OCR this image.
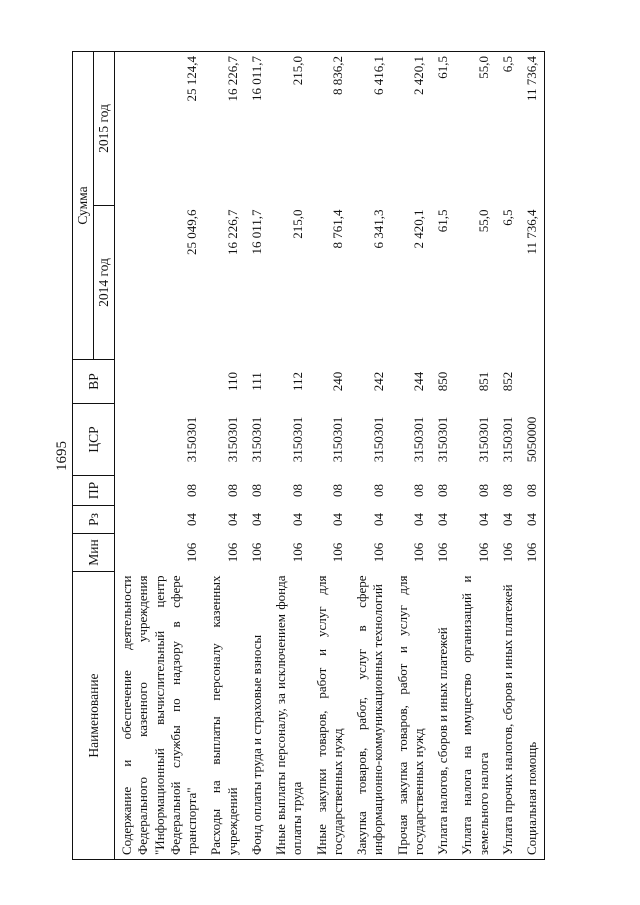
1695
Наименование	Мин	Рз	ПР	ЦСР	ВР	Сумма	
						2014 год	2015 год
Содержание и обеспечение деятельности Федерального казенного учреждения "Информационный вычислительный центр Федеральной службы по надзору в сфере транспорта"	106	04	08	3150301		25 049,6	25 124,4
Расходы на выплаты персоналу казенных учреждений	106	04	08	3150301	110	16 226,7	16 226,7
Фонд оплаты труда и страховые взносы	106	04	08	3150301	111	16 011,7	16 011,7
Иные выплаты персоналу, за исключением фонда оплаты труда	106	04	08	3150301	112	215,0	215,0
Иные закупки товаров, работ и услуг для государственных нужд	106	04	08	3150301	240	8 761,4	8 836,2
Закупка товаров, работ, услуг в сфере информационно-коммуникационных технологий	106	04	08	3150301	242	6 341,3	6 416,1
Прочая закупка товаров, работ и услуг для государственных нужд	106	04	08	3150301	244	2 420,1	2 420,1
Уплата налогов, сборов и иных платежей	106	04	08	3150301	850	61,5	61,5
Уплата налога на имущество организаций и земельного налога	106	04	08	3150301	851	55,0	55,0
Уплата прочих налогов, сборов и иных платежей	106	04	08	3150301	852	6,5	6,5
Социальная помощь	106	04	08	5050000		11 736,4	11 736,4
